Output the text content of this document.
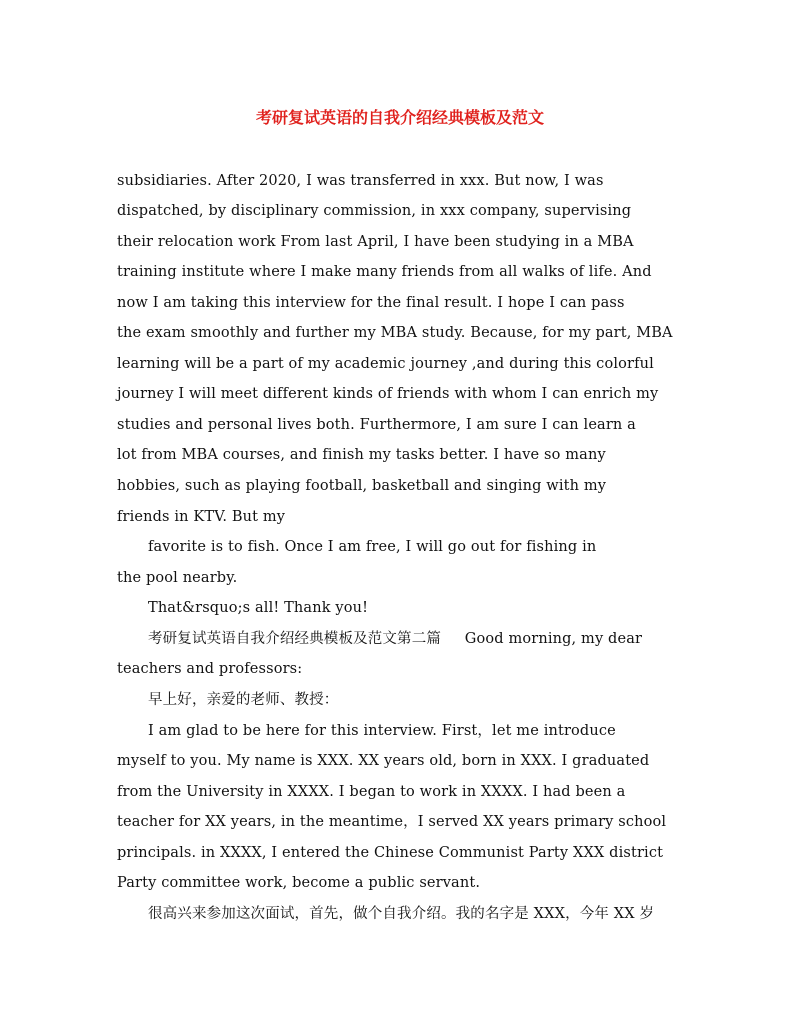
考研复试英语的自我介绍经典模板及范文
subsidiaries. After 2020, I was transferred in xxx. But now, I was
dispatched, by disciplinary commission, in xxx company, supervising
their relocation work From last April, I have been studying in a MBA
training institute where I make many friends from all walks of life. And
now I am taking this interview for the final result. I hope I can pass
the exam smoothly and further my MBA study. Because, for my part, MBA
learning will be a part of my academic journey ,and during this colorful
journey I will meet different kinds of friends with whom I can enrich my
studies and personal lives both. Furthermore, I am sure I can learn a
lot from MBA courses, and finish my tasks better. I have so many
hobbies, such as playing football, basketball and singing with my
friends in KTV. But my
favorite is to fish. Once I am free, I will go out for fishing in
the pool nearby.
That&rsquo;s all! Thank you!
考研复试英语自我介绍经典模板及范文第二篇     Good morning, my dear
teachers and professors:
早上好，亲爱的老师、教授：
I am glad to be here for this interview. First，let me introduce
myself to you. My name is XXX. XX years old, born in XXX. I graduated
from the University in XXXX. I began to work in XXXX. I had been a
teacher for XX years, in the meantime，I served XX years primary school
principals. in XXXX, I entered the Chinese Communist Party XXX district
Party committee work, become a public servant.
很高兴来参加这次面试，首先，做个自我介绍。我的名字是 XXX，今年 XX 岁
